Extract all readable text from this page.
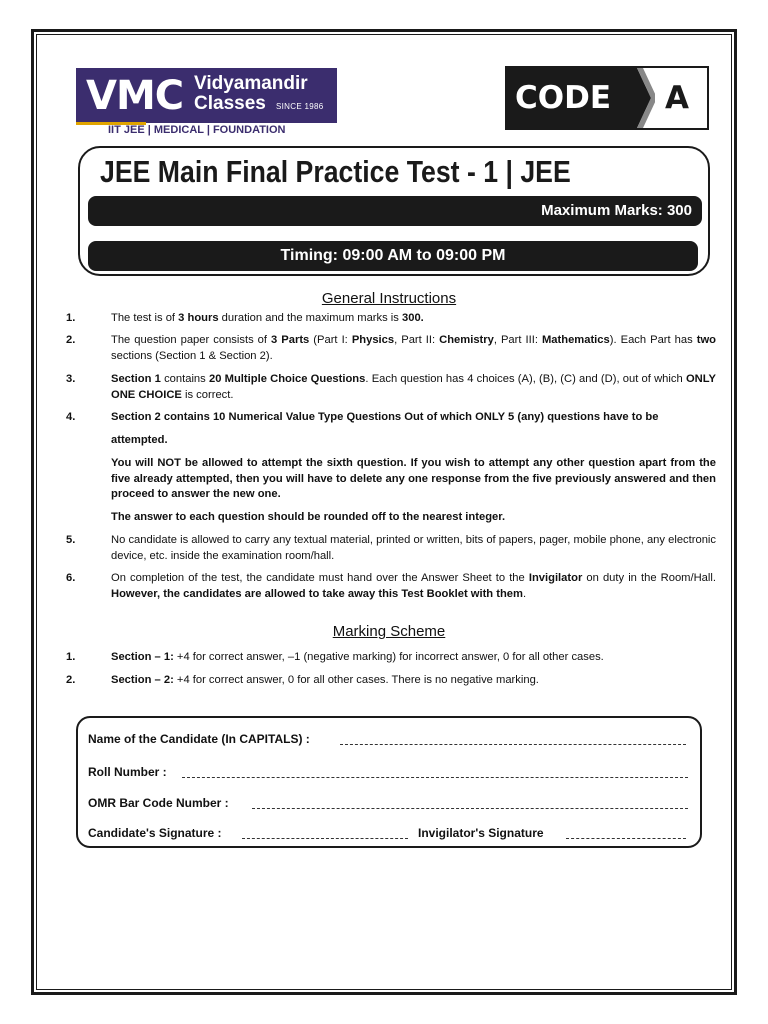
VMC Vidyamandir
Classes SINCE 1986
IIT JEE | MEDICAL | FOUNDATION
CODE A
JEE Main Final Practice Test - 1 | JEE
Maximum Marks: 300
Timing: 09:00 AM to 09:00 PM
General Instructions
1.	The test is of 3 hours duration and the maximum marks is 300.
2.	The question paper consists of 3 Parts (Part I: Physics, Part II: Chemistry, Part III: Mathematics). Each Part has two sections (Section 1 & Section 2).
3.	Section 1 contains 20 Multiple Choice Questions. Each question has 4 choices (A), (B), (C) and (D), out of which ONLY ONE CHOICE is correct.
4.	Section 2 contains 10 Numerical Value Type Questions Out of which ONLY 5 (any) questions have to be
attempted.
You will NOT be allowed to attempt the sixth question. If you wish to attempt any other question apart from the five already attempted, then you will have to delete any one response from the five previously answered and then proceed to answer the new one.
The answer to each question should be rounded off to the nearest integer.
5.	No candidate is allowed to carry any textual material, printed or written, bits of papers, pager, mobile phone, any electronic device, etc. inside the examination room/hall.
6.	On completion of the test, the candidate must hand over the Answer Sheet to the Invigilator on duty in the Room/Hall. However, the candidates are allowed to take away this Test Booklet with them.
Marking Scheme
1.	Section – 1: +4 for correct answer, –1 (negative marking) for incorrect answer, 0 for all other cases.
2.	Section – 2: +4 for correct answer, 0 for all other cases. There is no negative marking.
Name of the Candidate (In CAPITALS) :
Roll Number :
OMR Bar Code Number :
Candidate's Signature :	Invigilator's Signature
